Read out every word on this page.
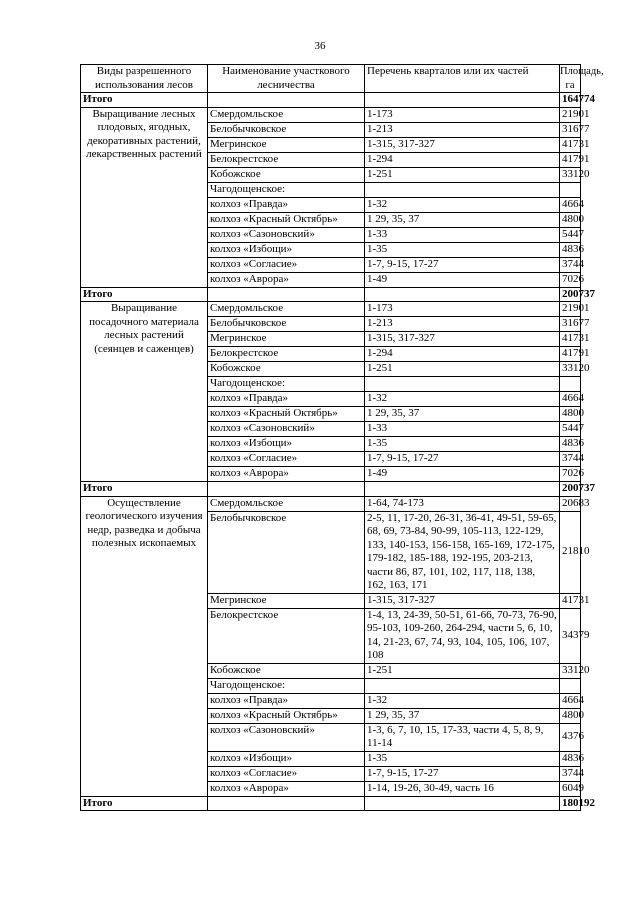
36
Виды разрешенного использования лесов	Наименование участкового лесничества	Перечень кварталов или их частей	Площадь, га
Итого			164774
Выращивание лесных плодовых, ягодных, декоративных растений, лекарственных растений	Смердомльское	1-173	21901
	Белобычковское	1-213	31677
	Мегринское	1-315, 317-327	41731
	Белокрестское	1-294	41791
	Кобожское	1-251	33120
	Чагодощенское:		
	колхоз «Правда»	1-32	4664
	колхоз «Красный Октябрь»	1 29, 35, 37	4800
	колхоз «Сазоновский»	1-33	5447
	колхоз «Избощи»	1-35	4836
	колхоз «Согласие»	1-7, 9-15, 17-27	3744
	колхоз «Аврора»	1-49	7026
Итого			200737
Выращивание посадочного материала лесных растений (сеянцев и саженцев)	Смердомльское	1-173	21901
	Белобычковское	1-213	31677
	Мегринское	1-315, 317-327	41731
	Белокрестское	1-294	41791
	Кобожское	1-251	33120
	Чагодощенское:		
	колхоз «Правда»	1-32	4664
	колхоз «Красный Октябрь»	1 29, 35, 37	4800
	колхоз «Сазоновский»	1-33	5447
	колхоз «Избощи»	1-35	4836
	колхоз «Согласие»	1-7, 9-15, 17-27	3744
	колхоз «Аврора»	1-49	7026
Итого			200737
Осуществление геологического изучения недр, разведка и добыча полезных ископаемых	Смердомльское	1-64, 74-173	20683
	Белобычковское	2-5, 11, 17-20, 26-31, 36-41, 49-51, 59-65, 68, 69, 73-84, 90-99, 105-113, 122-129, 133, 140-153, 156-158, 165-169, 172-175, 179-182, 185-188, 192-195, 203-213, части 86, 87, 101, 102, 117, 118, 138, 162, 163, 171	21810
	Мегринское	1-315, 317-327	41731
	Белокрестское	1-4, 13, 24-39, 50-51, 61-66, 70-73, 76-90, 95-103, 109-260, 264-294, части 5, 6, 10, 14, 21-23, 67, 74, 93, 104, 105, 106, 107, 108	34379
	Кобожское	1-251	33120
	Чагодощенское:		
	колхоз «Правда»	1-32	4664
	колхоз «Красный Октябрь»	1 29, 35, 37	4800
	колхоз «Сазоновский»	1-3, 6, 7, 10, 15, 17-33, части 4, 5, 8, 9, 11-14	4376
	колхоз «Избощи»	1-35	4836
	колхоз «Согласие»	1-7, 9-15, 17-27	3744
	колхоз «Аврора»	1-14, 19-26, 30-49, часть 16	6049
Итого			180192
